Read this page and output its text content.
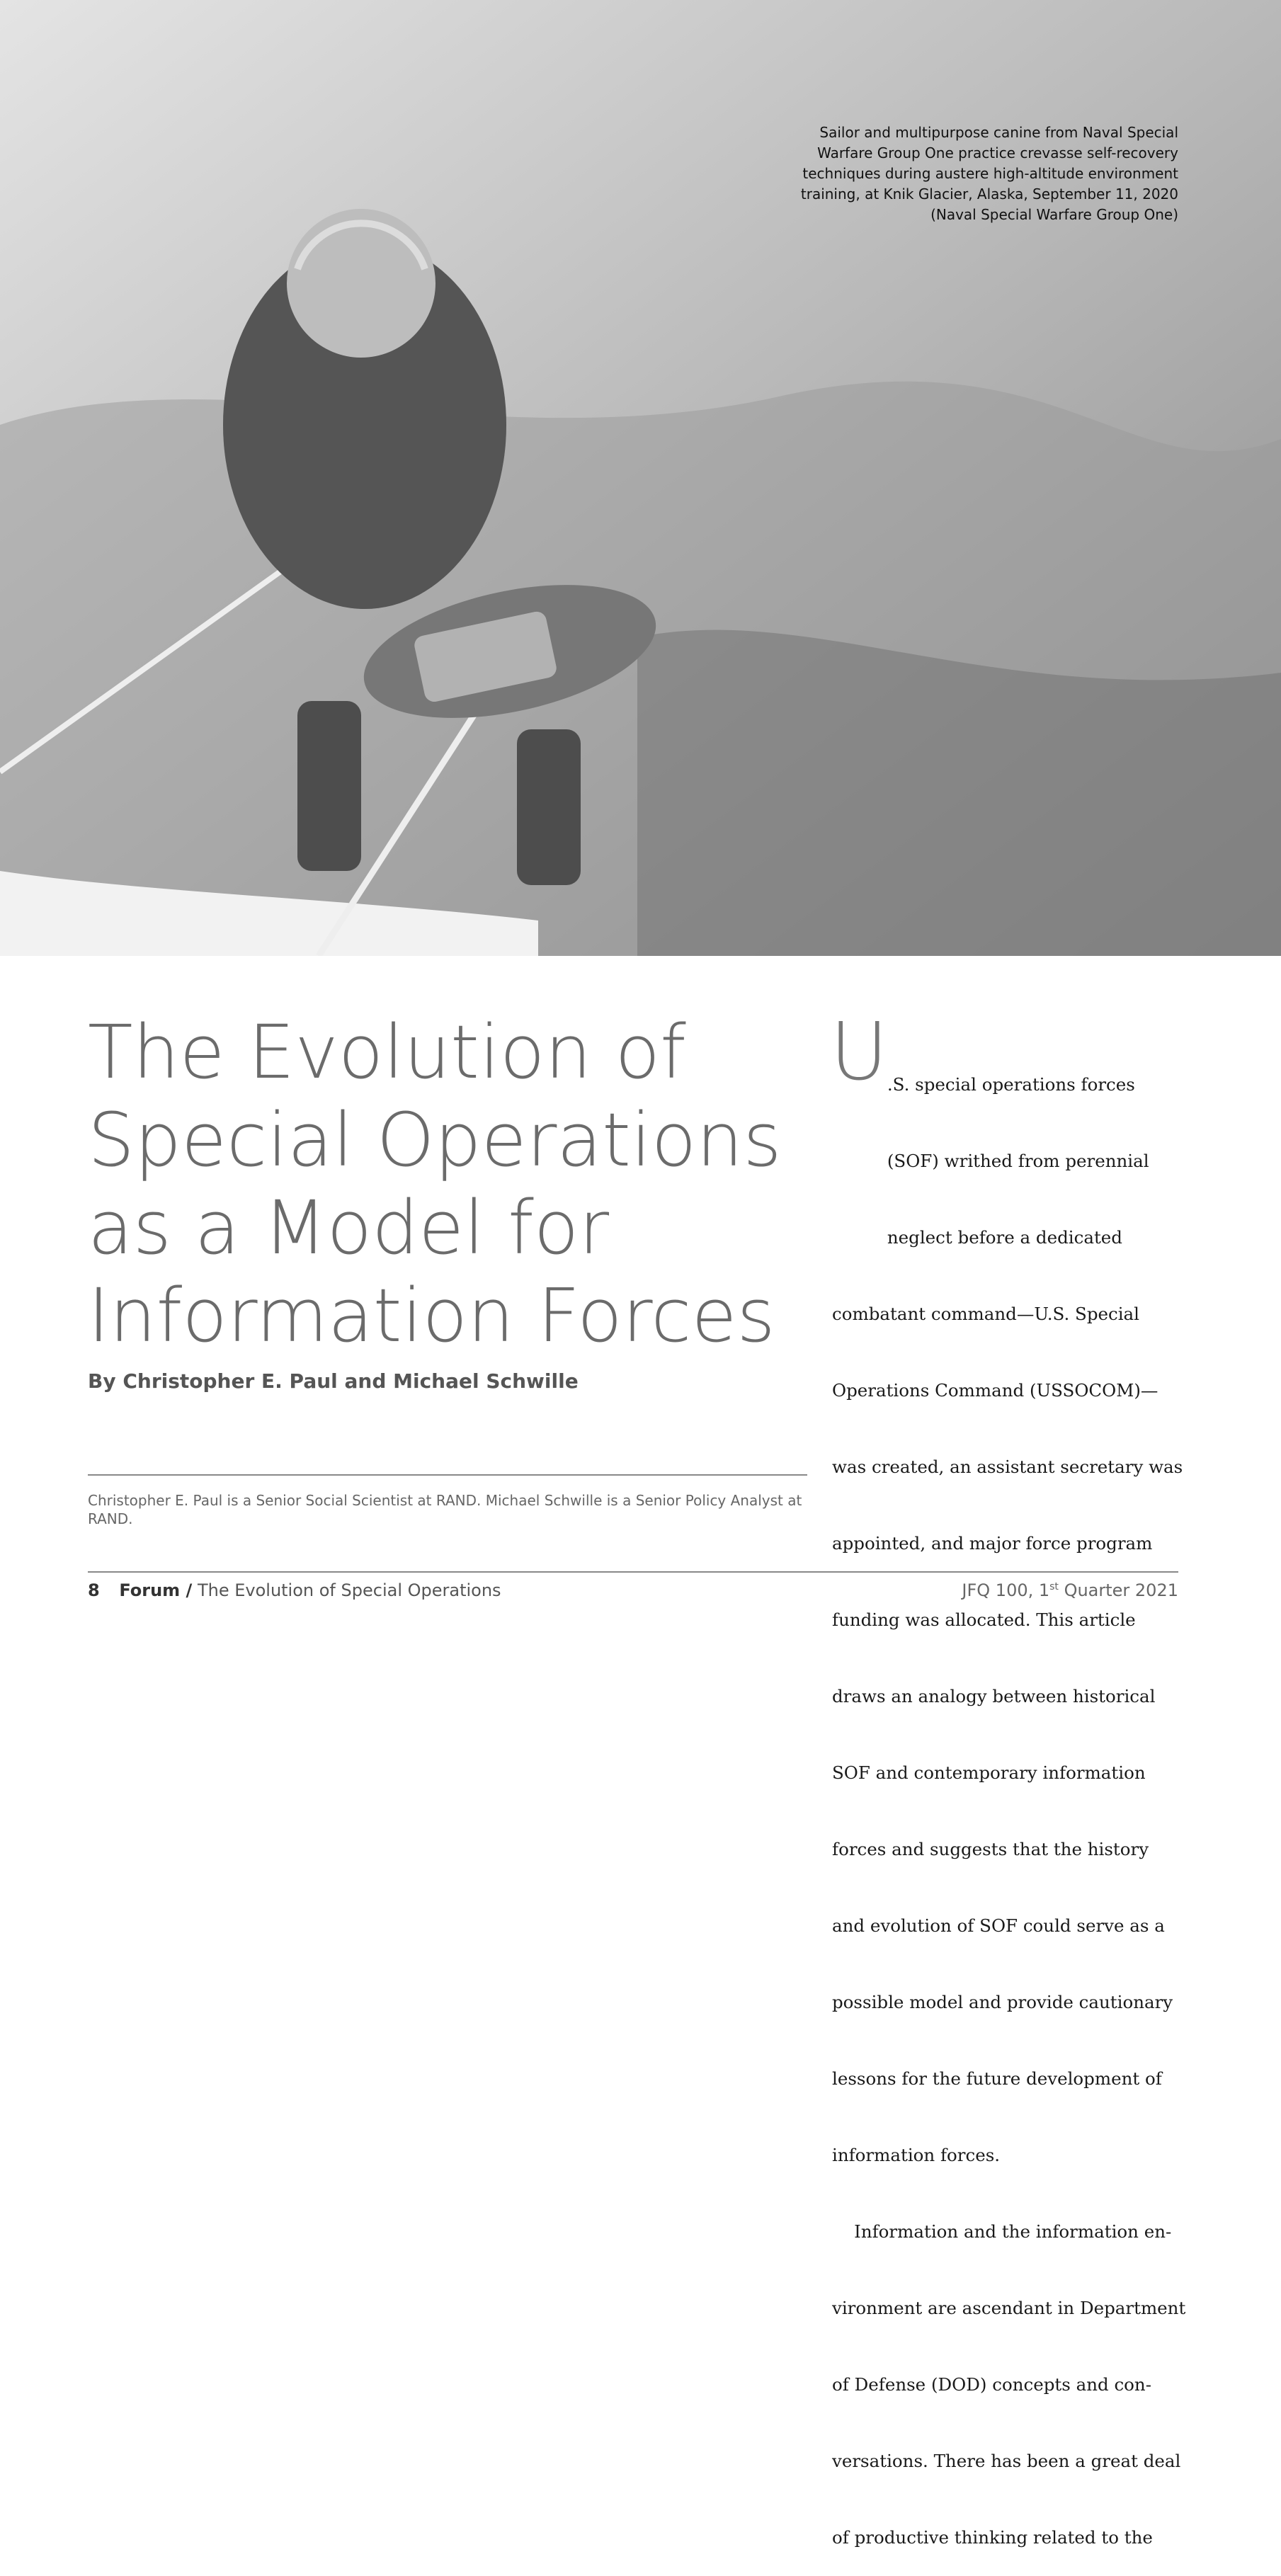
Sailor and multipurpose canine from Naval Special
Warfare Group One practice crevasse self-recovery
techniques during austere high-altitude environment
training, at Knik Glacier, Alaska, September 11, 2020
(Naval Special Warfare Group One)
The Evolution of
Special Operations
as a Model for
Information Forces
By Christopher E. Paul and Michael Schwille
Christopher E. Paul is a Senior Social Scientist at RAND. Michael Schwille is a Senior Policy Analyst at RAND.
U

.S. special operations forces

(SOF) writhed from perennial

neglect before a dedicated

combatant command—U.S. Special

Operations Command (USSOCOM)—

was created, an assistant secretary was

appointed, and major force program

funding was allocated. This article

draws an analogy between historical

SOF and contemporary information

forces and suggests that the history

and evolution of SOF could serve as a

possible model and provide cautionary

lessons for the future development of

information forces.

Information and the information en-

vironment are ascendant in Department

of Defense (DOD) concepts and con-

versations. There has been a great deal

of productive thinking related to the

8 Forum / The Evolution of Special Operations	JFQ 100, 1st Quarter 2021
